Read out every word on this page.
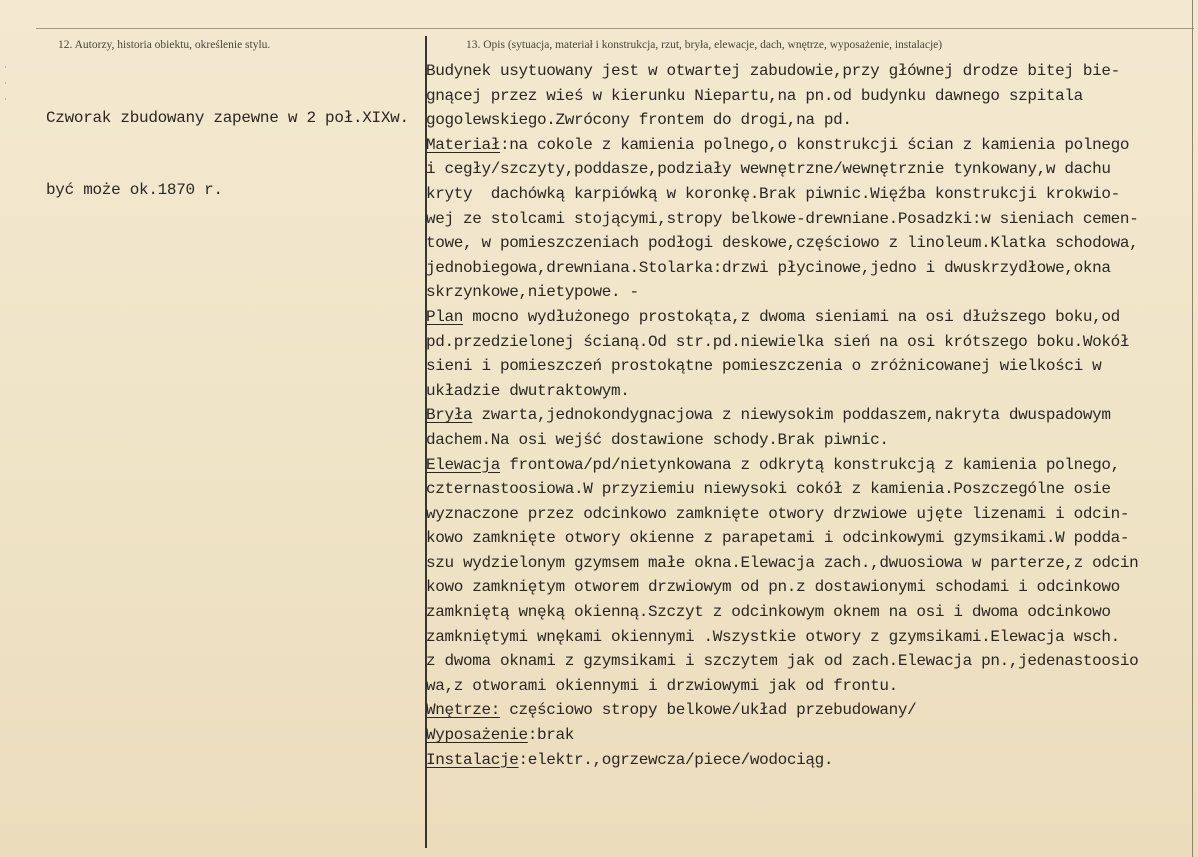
·
·
·
12. Autorzy, historia obiektu, określenie stylu.	13. Opis (sytuacja, materiał i konstrukcja, rzut, bryła, elewacje, dach, wnętrze, wyposażenie, instalacje)

Czworak zbudowany zapewne w 2 poł.XIXw.

być może ok.1870 r.

Budynek usytuowany jest w otwartej zabudowie,przy głównej drodze bitej bie-
gnącej przez wieś w kierunku Niepartu,na pn.od budynku dawnego szpitala
gogolewskiego.Zwrócony frontem do drogi,na pd.
Materiał:na cokole z kamienia polnego,o konstrukcji ścian z kamienia polnego
i cegły/szczyty,poddasze,podziały wewnętrzne/wewnętrznie tynkowany,w dachu
kryty  dachówką karpiówką w koronkę.Brak piwnic.Więźba konstrukcji krokwio-
wej ze stolcami stojącymi,stropy belkowe-drewniane.Posadzki:w sieniach cemen-
towe, w pomieszczeniach podłogi deskowe,częściowo z linoleum.Klatka schodowa,
jednobiegowa,drewniana.Stolarka:drzwi płycinowe,jedno i dwuskrzydłowe,okna
skrzynkowe,nietypowe. -
Plan mocno wydłużonego prostokąta,z dwoma sieniami na osi dłuższego boku,od
pd.przedzielonej ścianą.Od str.pd.niewielka sień na osi krótszego boku.Wokół
sieni i pomieszczeń prostokątne pomieszczenia o zróżnicowanej wielkości w
układzie dwutraktowym.
Bryła zwarta,jednokondygnacjowa z niewysokim poddaszem,nakryta dwuspadowym
dachem.Na osi wejść dostawione schody.Brak piwnic.
Elewacja frontowa/pd/nietynkowana z odkrytą konstrukcją z kamienia polnego,
czternastoosiowa.W przyziemiu niewysoki cokół z kamienia.Poszczególne osie
wyznaczone przez odcinkowo zamknięte otwory drzwiowe ujęte lizenami i odcin-
kowo zamknięte otwory okienne z parapetami i odcinkowymi gzymsikami.W podda-
szu wydzielonym gzymsem małe okna.Elewacja zach.,dwuosiowa w parterze,z odcin
kowo zamkniętym otworem drzwiowym od pn.z dostawionymi schodami i odcinkowo
zamkniętą wnęką okienną.Szczyt z odcinkowym oknem na osi i dwoma odcinkowo
zamkniętymi wnękami okiennymi .Wszystkie otwory z gzymsikami.Elewacja wsch.
z dwoma oknami z gzymsikami i szczytem jak od zach.Elewacja pn.,jedenastoosio
wa,z otworami okiennymi i drzwiowymi jak od frontu.
Wnętrze: częściowo stropy belkowe/układ przebudowany/
Wyposażenie:brak
Instalacje:elektr.,ogrzewcza/piece/wodociąg.
